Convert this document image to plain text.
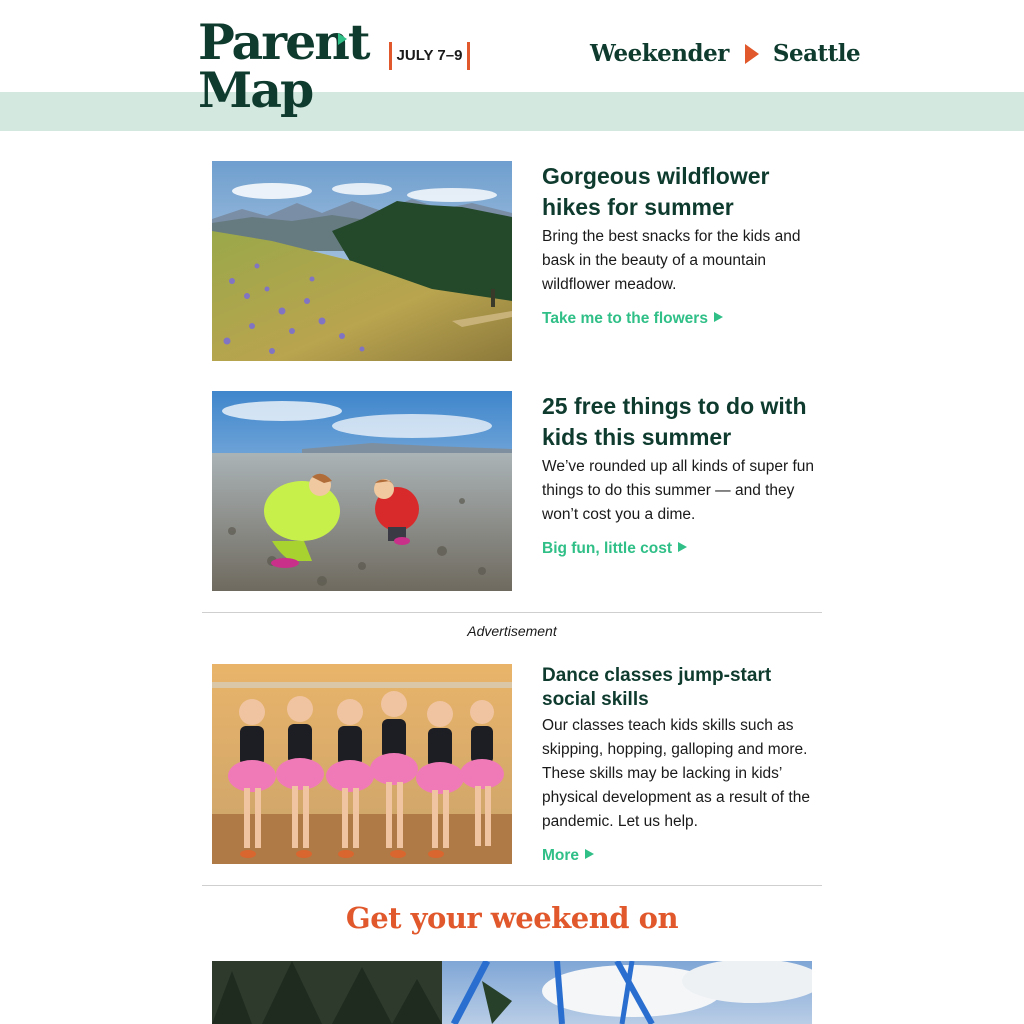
Parent
Map
JULY 7–9	Weekender Seattle
Gorgeous wildflower hikes for summer

Bring the best snacks for the kids and bask in the beauty of a mountain wildflower meadow.

Take me to the flowers
25 free things to do with kids this summer

We’ve rounded up all kinds of super fun things to do this summer — and they won’t cost you a dime.

Big fun, little cost
Advertisement
Dance classes jump-start social skills

Our classes teach kids skills such as skipping, hopping, galloping and more. These skills may be lacking in kids’ physical development as a result of the pandemic. Let us help.

More
Get your weekend on
